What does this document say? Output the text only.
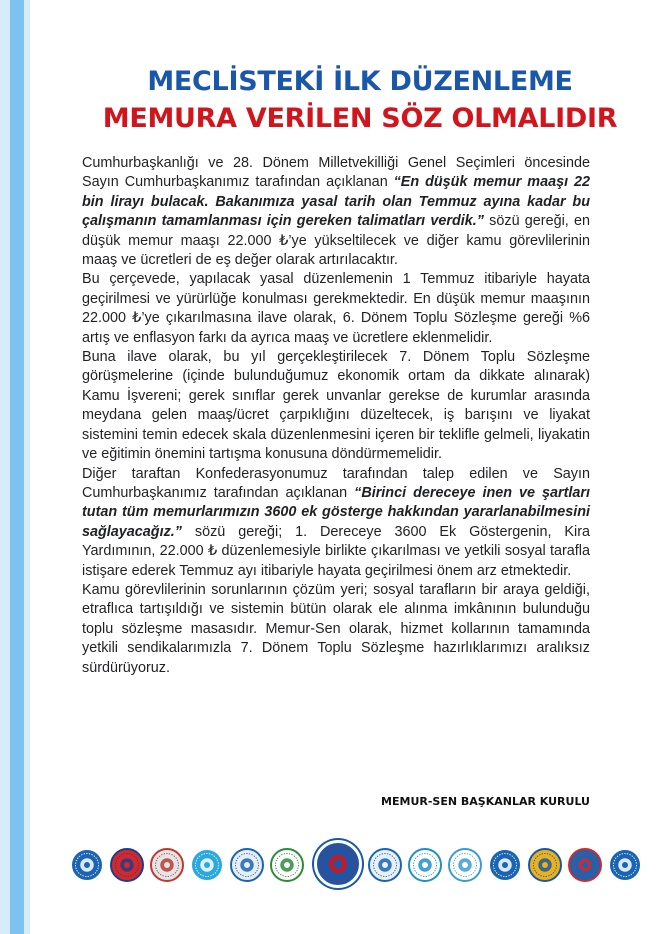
MECLİSTEKİ İLK DÜZENLEME
MEMURA VERİLEN SÖZ OLMALIDIR

Cumhurbaşkanlığı ve 28. Dönem Milletvekilliği Genel Seçimleri öncesinde Sayın Cumhurbaşkanımız tarafından açıklanan “En düşük memur maaşı 22 bin lirayı bulacak. Bakanımıza yasal tarih olan Temmuz ayına kadar bu çalışmanın tamamlanması için gereken talimatları verdik.” sözü gereği, en düşük memur maaşı 22.000 ₺’ye yükseltilecek ve diğer kamu görevlilerinin maaş ve ücretleri de eş değer olarak artırılacaktır.

Bu çerçevede, yapılacak yasal düzenlemenin 1 Temmuz itibariyle hayata geçirilmesi ve yürürlüğe konulması gerekmektedir. En düşük memur maaşının 22.000 ₺’ye çıkarılmasına ilave olarak, 6. Dönem Toplu Sözleşme gereği %6 artış ve enflasyon farkı da ayrıca maaş ve ücretlere eklenmelidir.

Buna ilave olarak, bu yıl gerçekleştirilecek 7. Dönem Toplu Sözleşme görüşmelerine (içinde bulunduğumuz ekonomik ortam da dikkate alınarak) Kamu İşvereni; gerek sınıflar gerek unvanlar gerekse de kurumlar arasında meydana gelen maaş/ücret çarpıklığını düzeltecek, iş barışını ve liyakat sistemini temin edecek skala düzenlenmesini içeren bir teklifle gelmeli, liyakatin ve eğitimin önemini tartışma konusuna döndürmemelidir.

Diğer taraftan Konfederasyonumuz tarafından talep edilen ve Sayın Cumhurbaşkanımız tarafından açıklanan “Birinci dereceye inen ve şartları tutan tüm memurlarımızın 3600 ek gösterge hakkından yararlanabilmesini sağlayacağız.” sözü gereği; 1. Dereceye 3600 Ek Göstergenin, Kira Yardımının, 22.000 ₺ düzenlemesiyle birlikte çıkarılması ve yetkili sosyal tarafla istişare ederek Temmuz ayı itibariyle hayata geçirilmesi önem arz etmektedir.

Kamu görevlilerinin sorunlarının çözüm yeri; sosyal tarafların bir araya geldiği, etraflıca tartışıldığı ve sistemin bütün olarak ele alınma imkânının bulunduğu toplu sözleşme masasıdır. Memur-Sen olarak, hizmet kollarının tamamında yetkili sendikalarımızla 7. Dönem Toplu Sözleşme hazırlıklarımızı aralıksız sürdürüyoruz.

MEMUR-SEN BAŞKANLAR KURULU
